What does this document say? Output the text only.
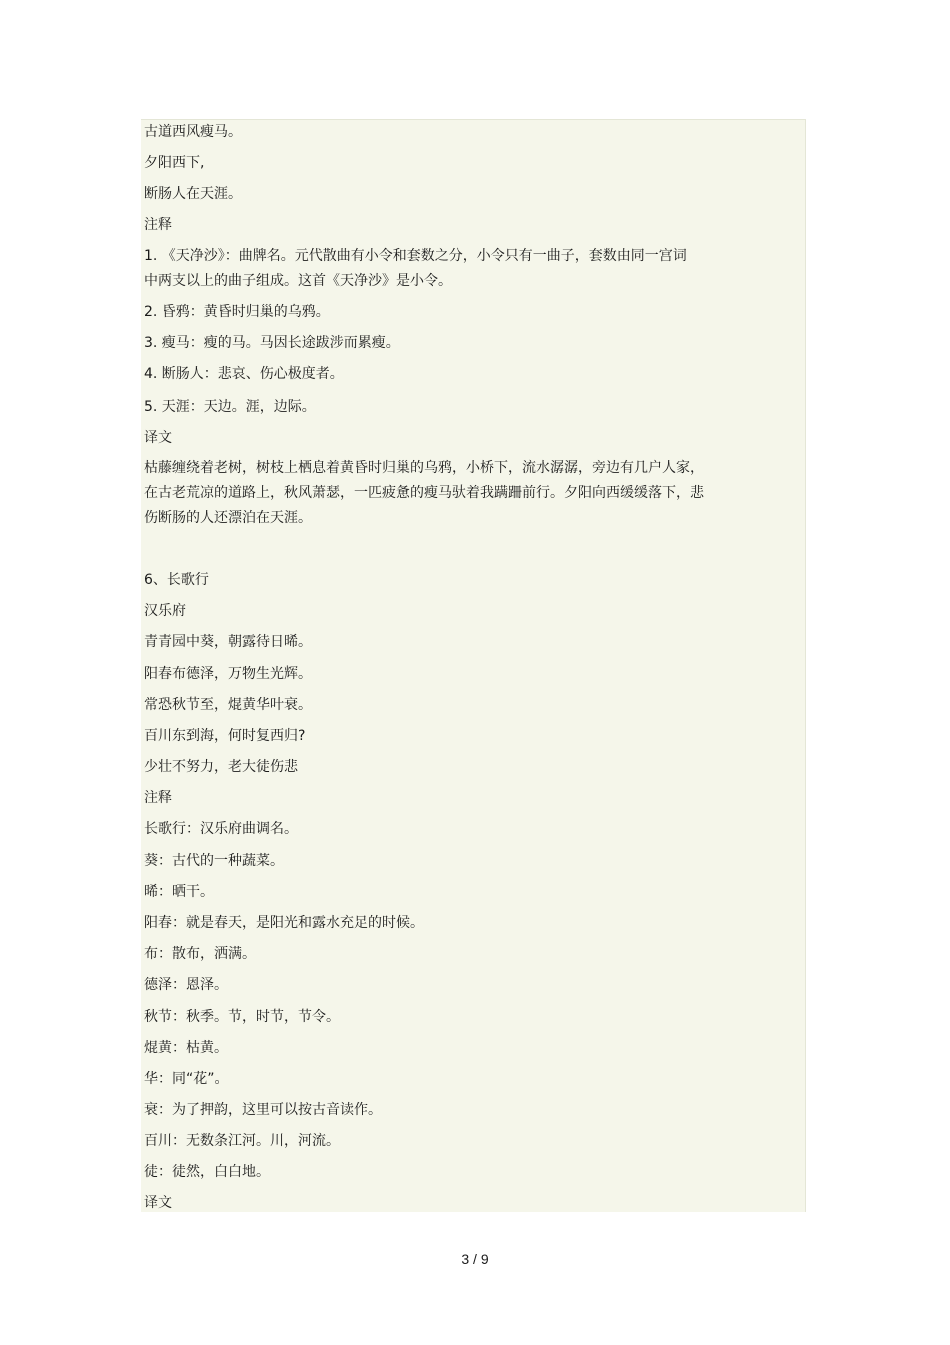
古道西风瘦马。
夕阳西下,
断肠人在天涯。
注释
1. 《天净沙》：曲牌名。元代散曲有小令和套数之分，小令只有一曲子，套数由同一宫词
中两支以上的曲子组成。这首《天净沙》是小令。
2. 昏鸦：黄昏时归巢的乌鸦。
3. 瘦马：瘦的马。马因长途跋涉而累瘦。
4. 断肠人：悲哀、伤心极度者。
5. 天涯：天边。涯，边际。
译文
枯藤缠绕着老树，树枝上栖息着黄昏时归巢的乌鸦，小桥下，流水潺潺，旁边有几户人家，
在古老荒凉的道路上，秋风萧瑟，一匹疲惫的瘦马驮着我蹒跚前行。夕阳向西缓缓落下，悲
伤断肠的人还漂泊在天涯。
6、长歌行
汉乐府
青青园中葵，朝露待日晞。
阳春布德泽，万物生光辉。
常恐秋节至，焜黄华叶衰。
百川东到海，何时复西归?
少壮不努力，老大徒伤悲
注释
长歌行：汉乐府曲调名。
葵：古代的一种蔬菜。
晞：晒干。
阳春：就是春天，是阳光和露水充足的时候。
布：散布，洒满。
德泽：恩泽。
秋节：秋季。节，时节，节令。
焜黄：枯黄。
华：同“花”。
衰：为了押韵，这里可以按古音读作。
百川：无数条江河。川，河流。
徒：徒然，白白地。
译文
3 / 9
